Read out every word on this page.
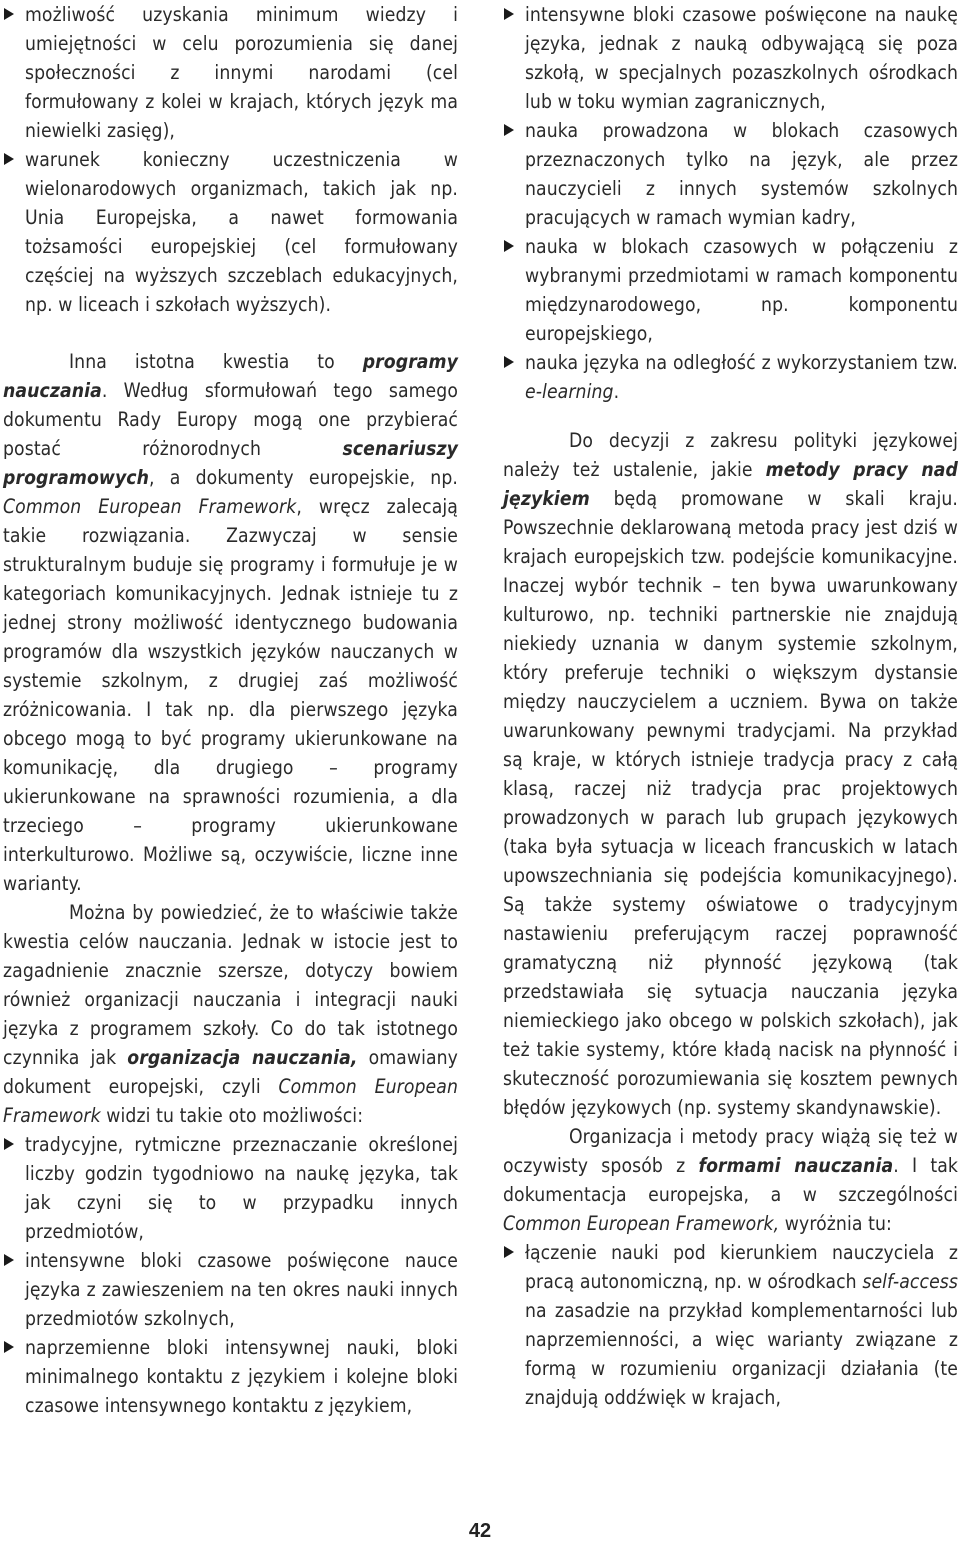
możliwość uzyskania minimum wiedzy i umiejętności w celu porozumienia się danej społeczności z innymi narodami (cel formułowany z kolei w krajach, których język ma niewielki zasięg),
warunek konieczny uczestniczenia w wielonarodowych organizmach, takich jak np. Unia Europejska, a nawet formowania tożsamości europejskiej (cel formułowany częściej na wyższych szczeblach edukacyjnych, np. w liceach i szkołach wyższych).

Inna istotna kwestia to programy nauczania. Według sformułowań tego samego dokumentu Rady Europy mogą one przybierać postać różnorodnych scenariuszy programowych, a dokumenty europejskie, np. Common European Framework, wręcz zalecają takie rozwiązania. Zazwyczaj w sensie strukturalnym buduje się programy i formułuje je w kategoriach komunikacyjnych. Jednak istnieje tu z jednej strony możliwość identycznego budowania programów dla wszystkich języków nauczanych w systemie szkolnym, z drugiej zaś możliwość zróżnicowania. I tak np. dla pierwszego języka obcego mogą to być programy ukierunkowane na komunikację, dla drugiego – programy ukierunkowane na sprawności rozumienia, a dla trzeciego – programy ukierunkowane interkulturowo. Możliwe są, oczywiście, liczne inne warianty.

Można by powiedzieć, że to właściwie także kwestia celów nauczania. Jednak w istocie jest to zagadnienie znacznie szersze, dotyczy bowiem również organizacji nauczania i integracji nauki języka z programem szkoły. Co do tak istotnego czynnika jak organizacja nauczania, omawiany dokument europejski, czyli Common European Framework widzi tu takie oto możliwości:

tradycyjne, rytmiczne przeznaczanie określonej liczby godzin tygodniowo na naukę języka, tak jak czyni się to w przypadku innych przedmiotów,
intensywne bloki czasowe poświęcone nauce języka z zawieszeniem na ten okres nauki innych przedmiotów szkolnych,
naprzemienne bloki intensywnej nauki, bloki minimalnego kontaktu z językiem i kolejne bloki czasowe intensywnego kontaktu z językiem,
intensywne bloki czasowe poświęcone na naukę języka, jednak z nauką odbywającą się poza szkołą, w specjalnych pozaszkolnych ośrodkach lub w toku wymian zagranicznych,
nauka prowadzona w blokach czasowych przeznaczonych tylko na język, ale przez nauczycieli z innych systemów szkolnych pracujących w ramach wymian kadry,
nauka w blokach czasowych w połączeniu z wybranymi przedmiotami w ramach komponentu międzynarodowego, np. komponentu europejskiego,
nauka języka na odległość z wykorzystaniem tzw. e-learning.

Do decyzji z zakresu polityki językowej należy też ustalenie, jakie metody pracy nad językiem będą promowane w skali kraju. Powszechnie deklarowaną metoda pracy jest dziś w krajach europejskich tzw. podejście komunikacyjne. Inaczej wybór technik – ten bywa uwarunkowany kulturowo, np. techniki partnerskie nie znajdują niekiedy uznania w danym systemie szkolnym, który preferuje techniki o większym dystansie między nauczycielem a uczniem. Bywa on także uwarunkowany pewnymi tradycjami. Na przykład są kraje, w których istnieje tradycja pracy z całą klasą, raczej niż tradycja prac projektowych prowadzonych w parach lub grupach językowych (taka była sytuacja w liceach francuskich w latach upowszechniania się podejścia komunikacyjnego). Są także systemy oświatowe o tradycyjnym nastawieniu preferującym raczej poprawność gramatyczną niż płynność językową (tak przedstawiała się sytuacja nauczania języka niemieckiego jako obcego w polskich szkołach), jak też takie systemy, które kładą nacisk na płynność i skuteczność porozumiewania się kosztem pewnych błędów językowych (np. systemy skandynawskie).

Organizacja i metody pracy wiążą się też w oczywisty sposób z formami nauczania. I tak dokumentacja europejska, a w szczególności Common European Framework, wyróżnia tu:

łączenie nauki pod kierunkiem nauczyciela z pracą autonomiczną, np. w ośrodkach self-access na zasadzie na przykład komplementarności lub naprzemienności, a więc warianty związane z formą w rozumieniu organizacji działania (te znajdują oddźwięk w krajach,
42
